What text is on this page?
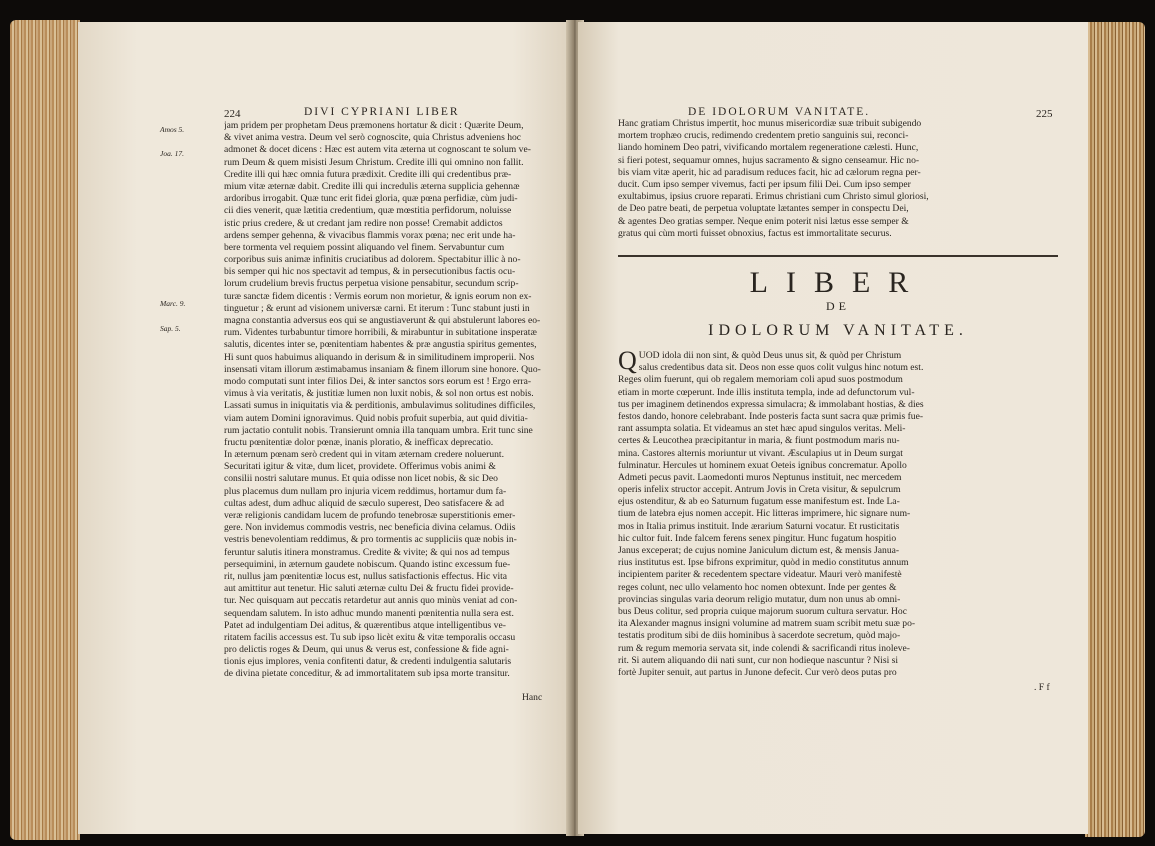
224	DIVI CYPRIANI LIBER
Amos 5.
Joa. 17.
Marc. 9.
Sap. 5.
jam pridem per prophetam Deus præmonens hortatur & dicit : Quærite Deum,
& vivet anima vestra. Deum vel serò cognoscite, quia Christus adveniens hoc
admonet & docet dicens : Hæc est autem vita æterna ut cognoscant te solum ve-
rum Deum & quem misisti Jesum Christum. Credite illi qui omnino non fallit.
Credite illi qui hæc omnia futura prædixit. Credite illi qui credentibus præ-
mium vitæ æternæ dabit. Credite illi qui incredulis æterna supplicia gehennæ
ardoribus irrogabit. Quæ tunc erit fidei gloria, quæ pœna perfidiæ, cùm judi-
cii dies venerit, quæ lætitia credentium, quæ mœstitia perfidorum, noluisse
istic prius credere, & ut credant jam redire non posse! Cremabit addictos
ardens semper gehenna, & vivacibus flammis vorax pœna; nec erit unde ha-
bere tormenta vel requiem possint aliquando vel finem. Servabuntur cum
corporibus suis animæ infinitis cruciatibus ad dolorem. Spectabitur illic à no-
bis semper qui hic nos spectavit ad tempus, & in persecutionibus factis ocu-
lorum crudelium brevis fructus perpetua visione pensabitur, secundum scrip-
turæ sanctæ fidem dicentis : Vermis eorum non morietur, & ignis eorum non ex-
tinguetur ; & erunt ad visionem universæ carni. Et iterum : Tunc stabunt justi in
magna constantia adversus eos qui se angustiaverunt & qui abstulerunt labores eo-
rum. Videntes turbabuntur timore horribili, & mirabuntur in subitatione insperatæ
salutis, dicentes inter se, pœnitentiam habentes & præ angustia spiritus gementes,
Hi sunt quos habuimus aliquando in derisum & in similitudinem improperii. Nos
insensati vitam illorum æstimabamus insaniam & finem illorum sine honore. Quo-
modo computati sunt inter filios Dei, & inter sanctos sors eorum est ! Ergo erra-
vimus à via veritatis, & justitiæ lumen non luxit nobis, & sol non ortus est nobis.
Lassati sumus in iniquitatis via & perditionis, ambulavimus solitudines difficiles,
viam autem Domini ignoravimus. Quid nobis profuit superbia, aut quid divitia-
rum jactatio contulit nobis. Transierunt omnia illa tanquam umbra. Erit tunc sine
fructu pœnitentiæ dolor pœnæ, inanis ploratio, & inefficax deprecatio.
In æternum pœnam serò credent qui in vitam æternam credere noluerunt.
Securitati igitur & vitæ, dum licet, providete. Offerimus vobis animi &
consilii nostri salutare munus. Et quia odisse non licet nobis, & sic Deo
plus placemus dum nullam pro injuria vicem reddimus, hortamur dum fa-
cultas adest, dum adhuc aliquid de sæculo superest, Deo satisfacere & ad
veræ religionis candidam lucem de profundo tenebrosæ superstitionis emer-
gere. Non invidemus commodis vestris, nec beneficia divina celamus. Odiis
vestris benevolentiam reddimus, & pro tormentis ac suppliciis quæ nobis in-
feruntur salutis itinera monstramus. Credite & vivite; & qui nos ad tempus
persequimini, in æternum gaudete nobiscum. Quando istinc excessum fue-
rit, nullus jam pœnitentiæ locus est, nullus satisfactionis effectus. Hic vita
aut amittitur aut tenetur. Hic saluti æternæ cultu Dei & fructu fidei provide-
tur. Nec quisquam aut peccatis retardetur aut annis quo minùs veniat ad con-
sequendam salutem. In isto adhuc mundo manenti pœnitentia nulla sera est.
Patet ad indulgentiam Dei aditus, & quærentibus atque intelligentibus ve-
ritatem facilis accessus est. Tu sub ipso licèt exitu & vitæ temporalis occasu
pro delictis roges & Deum, qui unus & verus est, confessione & fide agni-
tionis ejus implores, venia confitenti datur, & credenti indulgentia salutaris
de divina pietate conceditur, & ad immortalitatem sub ipsa morte transitur.
Hanc
DE IDOLORUM VANITATE.	225
Hanc gratiam Christus impertit, hoc munus misericordiæ suæ tribuit subigendo
mortem trophæo crucis, redimendo credentem pretio sanguinis sui, reconci-
liando hominem Deo patri, vivificando mortalem regeneratione cælesti. Hunc,
si fieri potest, sequamur omnes, hujus sacramento & signo censeamur. Hic no-
bis viam vitæ aperit, hic ad paradisum reduces facit, hic ad cælorum regna per-
ducit. Cum ipso semper vivemus, facti per ipsum filii Dei. Cum ipso semper
exultabimus, ipsius cruore reparati. Erimus christiani cum Christo simul gloriosi,
de Deo patre beati, de perpetua voluptate lætantes semper in conspectu Dei,
& agentes Deo gratias semper. Neque enim poterit nisi lætus esse semper &
gratus qui cùm morti fuisset obnoxius, factus est immortalitate securus.
LIBER
DE
IDOLORUM VANITATE.
Q UOD idola dii non sint, & quòd Deus unus sit, & quòd per Christum
salus credentibus data sit. Deos non esse quos colit vulgus hinc notum est.
Reges olim fuerunt, qui ob regalem memoriam coli apud suos postmodum
etiam in morte cœperunt. Inde illis instituta templa, inde ad defunctorum vul-
tus per imaginem detinendos expressa simulacra; & immolabant hostias, & dies
festos dando, honore celebrabant. Inde posteris facta sunt sacra quæ primis fue-
rant assumpta solatia. Et videamus an stet hæc apud singulos veritas. Meli-
certes & Leucothea præcipitantur in maria, & fiunt postmodum maris nu-
mina. Castores alternis moriuntur ut vivant. Æsculapius ut in Deum surgat
fulminatur. Hercules ut hominem exuat Oeteis ignibus concrematur. Apollo
Admeti pecus pavit. Laomedonti muros Neptunus instituit, nec mercedem
operis infelix structor accepit. Antrum Jovis in Creta visitur, & sepulcrum
ejus ostenditur, & ab eo Saturnum fugatum esse manifestum est. Inde La-
tium de latebra ejus nomen accepit. Hic litteras imprimere, hic signare num-
mos in Italia primus instituit. Inde ærarium Saturni vocatur. Et rusticitatis
hic cultor fuit. Inde falcem ferens senex pingitur. Hunc fugatum hospitio
Janus exceperat; de cujus nomine Janiculum dictum est, & mensis Janua-
rius institutus est. Ipse bifrons exprimitur, quòd in medio constitutus annum
incipientem pariter & recedentem spectare videatur. Mauri verò manifestè
reges colunt, nec ullo velamento hoc nomen obtexunt. Inde per gentes &
provincias singulas varia deorum religio mutatur, dum non unus ab omni-
bus Deus colitur, sed propria cuique majorum suorum cultura servatur. Hoc
ita Alexander magnus insigni volumine ad matrem suam scribit metu suæ po-
testatis proditum sibi de diis hominibus à sacerdote secretum, quòd majo-
rum & regum memoria servata sit, inde colendi & sacrificandi ritus inoleve-
rit. Si autem aliquando dii nati sunt, cur non hodieque nascuntur ? Nisi si
fortè Jupiter senuit, aut partus in Junone defecit. Cur verò deos putas pro
. F f
